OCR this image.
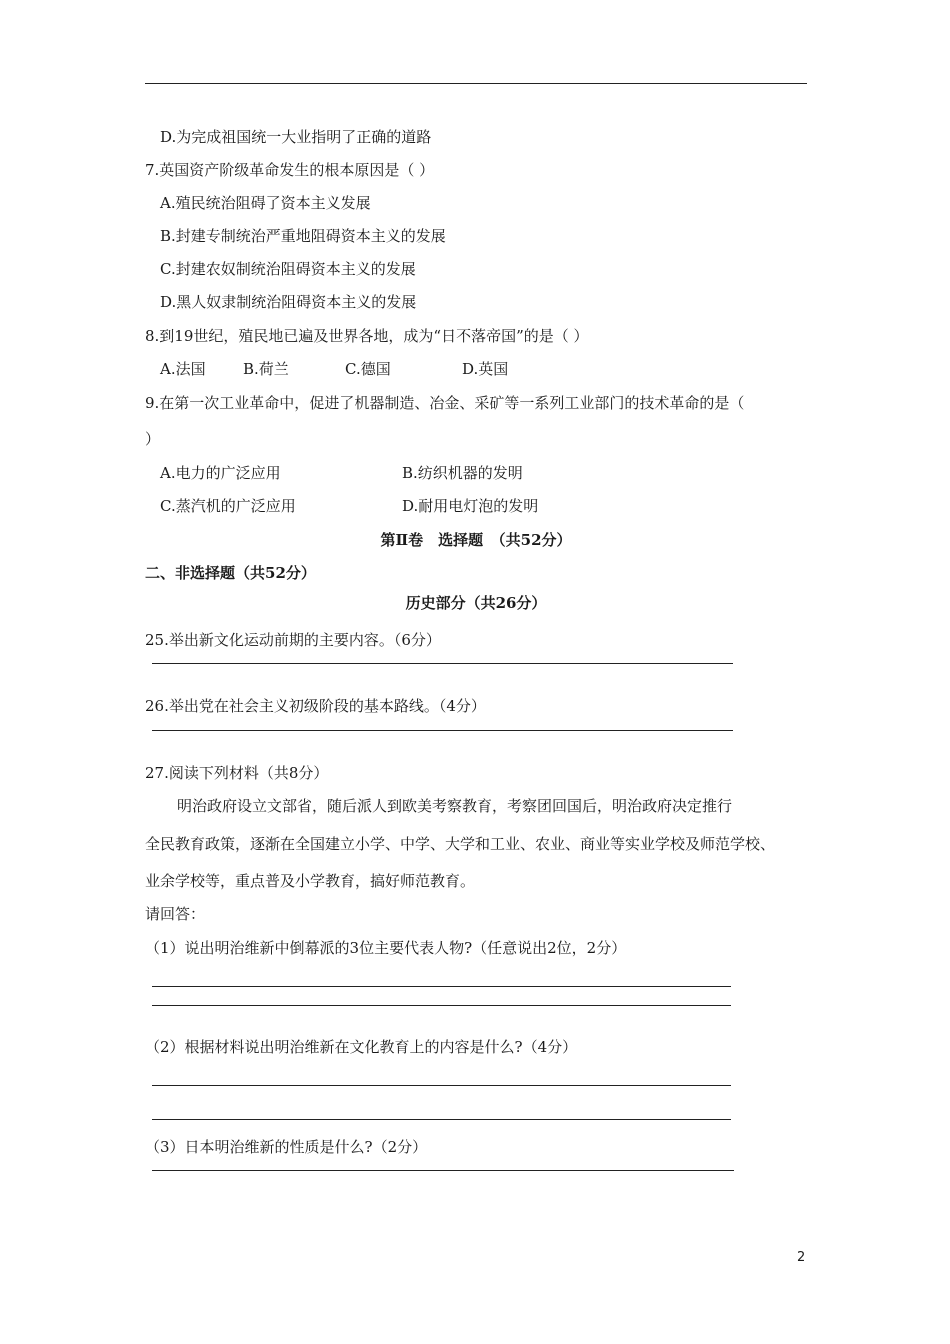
D.为完成祖国统一大业指明了正确的道路
7.英国资产阶级革命发生的根本原因是（ ）
A.殖民统治阻碍了资本主义发展
B.封建专制统治严重地阻碍资本主义的发展
C.封建农奴制统治阻碍资本主义的发展
D.黑人奴隶制统治阻碍资本主义的发展
8.到19世纪，殖民地已遍及世界各地，成为“日不落帝国”的是（ ）
A.法国 B.荷兰	C.德国	D.英国
9.在第一次工业革命中，促进了机器制造、冶金、采矿等一系列工业部门的技术革命的是（
）
A.电力的广泛应用	B.纺织机器的发明
C.蒸汽机的广泛应用	D.耐用电灯泡的发明
第Ⅱ卷　选择题　（共52分）
二、非选择题（共52分）
历史部分（共26分）
25.举出新文化运动前期的主要内容。（6分）
26.举出党在社会主义初级阶段的基本路线。（4分）
27.阅读下列材料（共8分）
明治政府设立文部省，随后派人到欧美考察教育，考察团回国后，明治政府决定推行
全民教育政策，逐渐在全国建立小学、中学、大学和工业、农业、商业等实业学校及师范学校、
业余学校等，重点普及小学教育，搞好师范教育。
请回答：
（1）说出明治维新中倒幕派的3位主要代表人物?（任意说出2位，2分）
（2）根据材料说出明治维新在文化教育上的内容是什么?（4分）
（3）日本明治维新的性质是什么?（2分）
2
